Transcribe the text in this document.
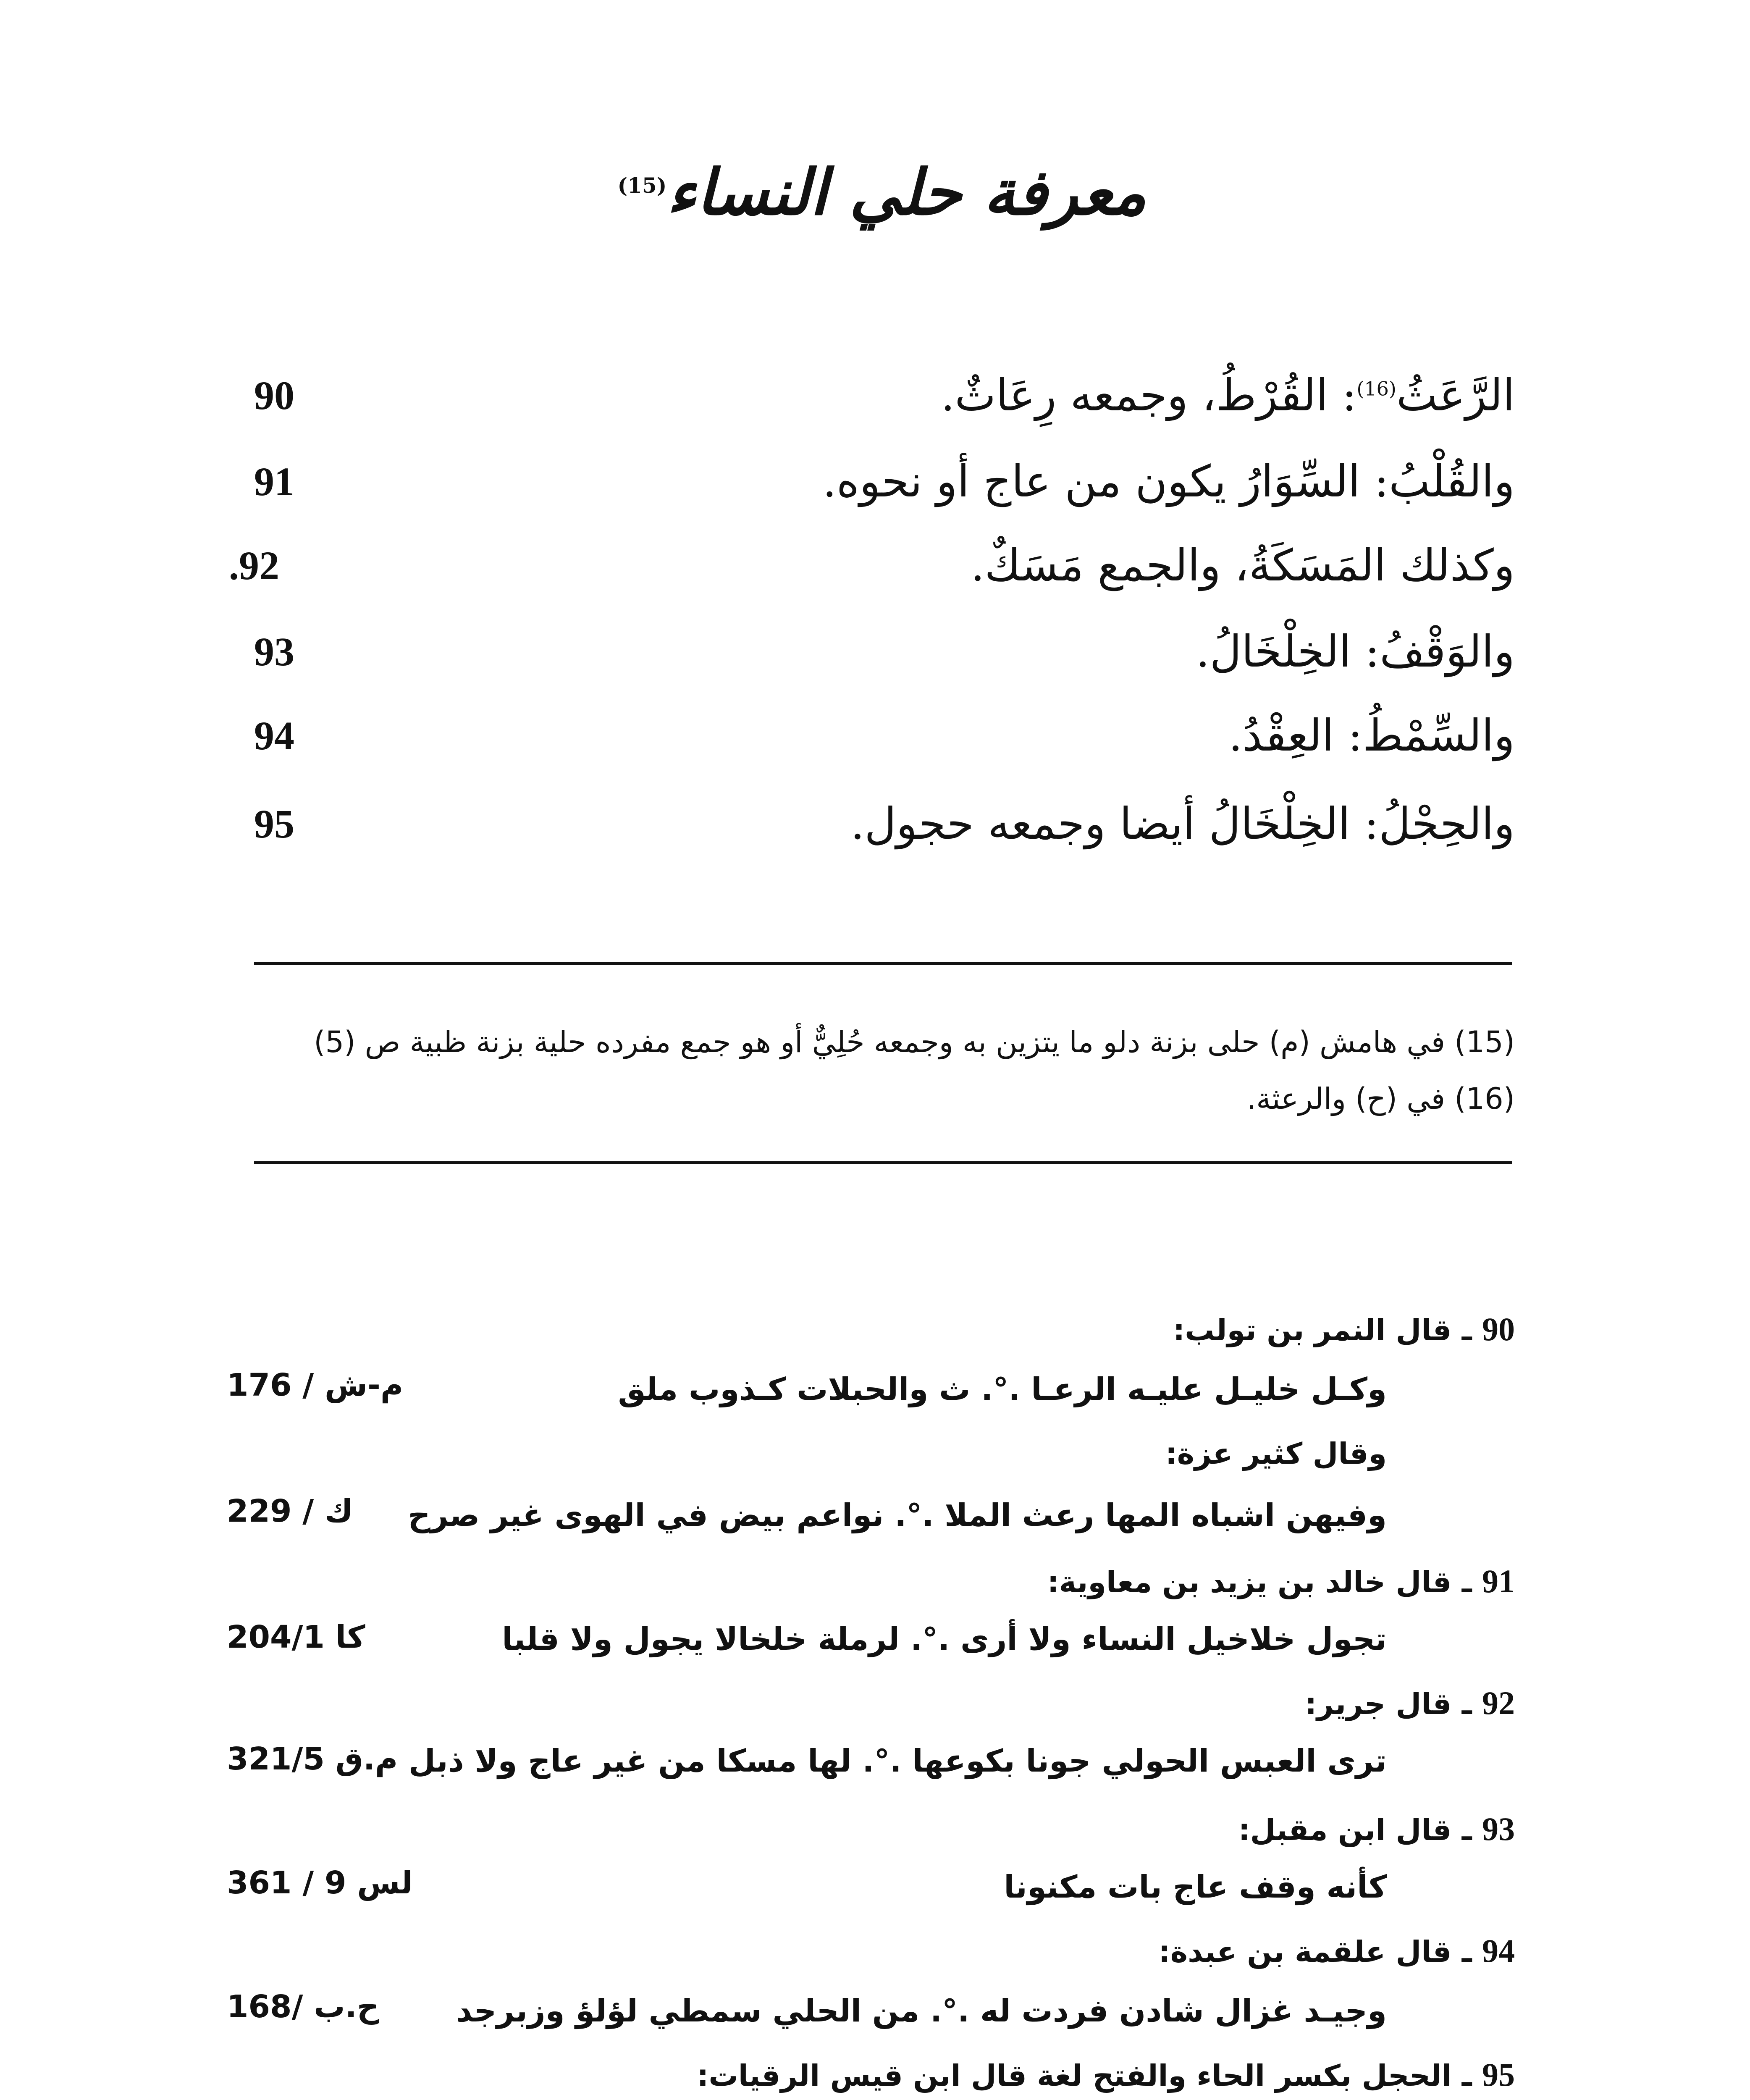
معرفة حلي النساء$^{(15)}$
الرَّعَثُ$^{(16)}$: القُرْطُ، وجمعه رِعَاثٌ.
90
والقُلْبُ: السِّوَارُ يكون من عاج أو نحوه.
91
وكذلك المَسَكَةُ، والجمع مَسَكٌ.
.92
والوَقْفُ: الخِلْخَالُ.
93
والسِّمْطُ: العِقْدُ.
94
والحِجْلُ: الخِلْخَالُ أيضا وجمعه حجول.
95
(15) في هامش (م) حلى بزنة دلو ما يتزين به وجمعه حُلِيٌّ أو هو جمع مفرده حلية بزنة ظبية ص (5)
(16) في (ح) والرعثة.
90 ـ قال النمر بن تولب:
وكـل خليـل عليـه الرعـا .°. ث والحبلات كـذوب ملق
176 / م-ش
وقال كثير عزة:
وفيهن اشباه المها رعث الملا .°. نواعم بيض في الهوى غير صرح
229 / ك
91 ـ قال خالد بن يزيد بن معاوية:
تجول خلاخيل النساء ولا أرى .°. لرملة خلخالا يجول ولا قلبا
204/1 كا
92 ـ قال جرير:
ترى العبس الحولي جونا بكوعها .°. لها مسكا من غير عاج ولا ذبل
321/5 م.ق
93 ـ قال ابن مقبل:
كأنه وقف عاج بات مكنونا
361 / 9 لس
94 ـ قال علقمة بن عبدة:
وجيـد غزال شادن فردت له .°. من الحلي سمطي لؤلؤ وزبرجد
168/ ح.ب
95 ـ الحجل بكسر الحاء والفتح لغة قال ابن قيس الرقيات:
